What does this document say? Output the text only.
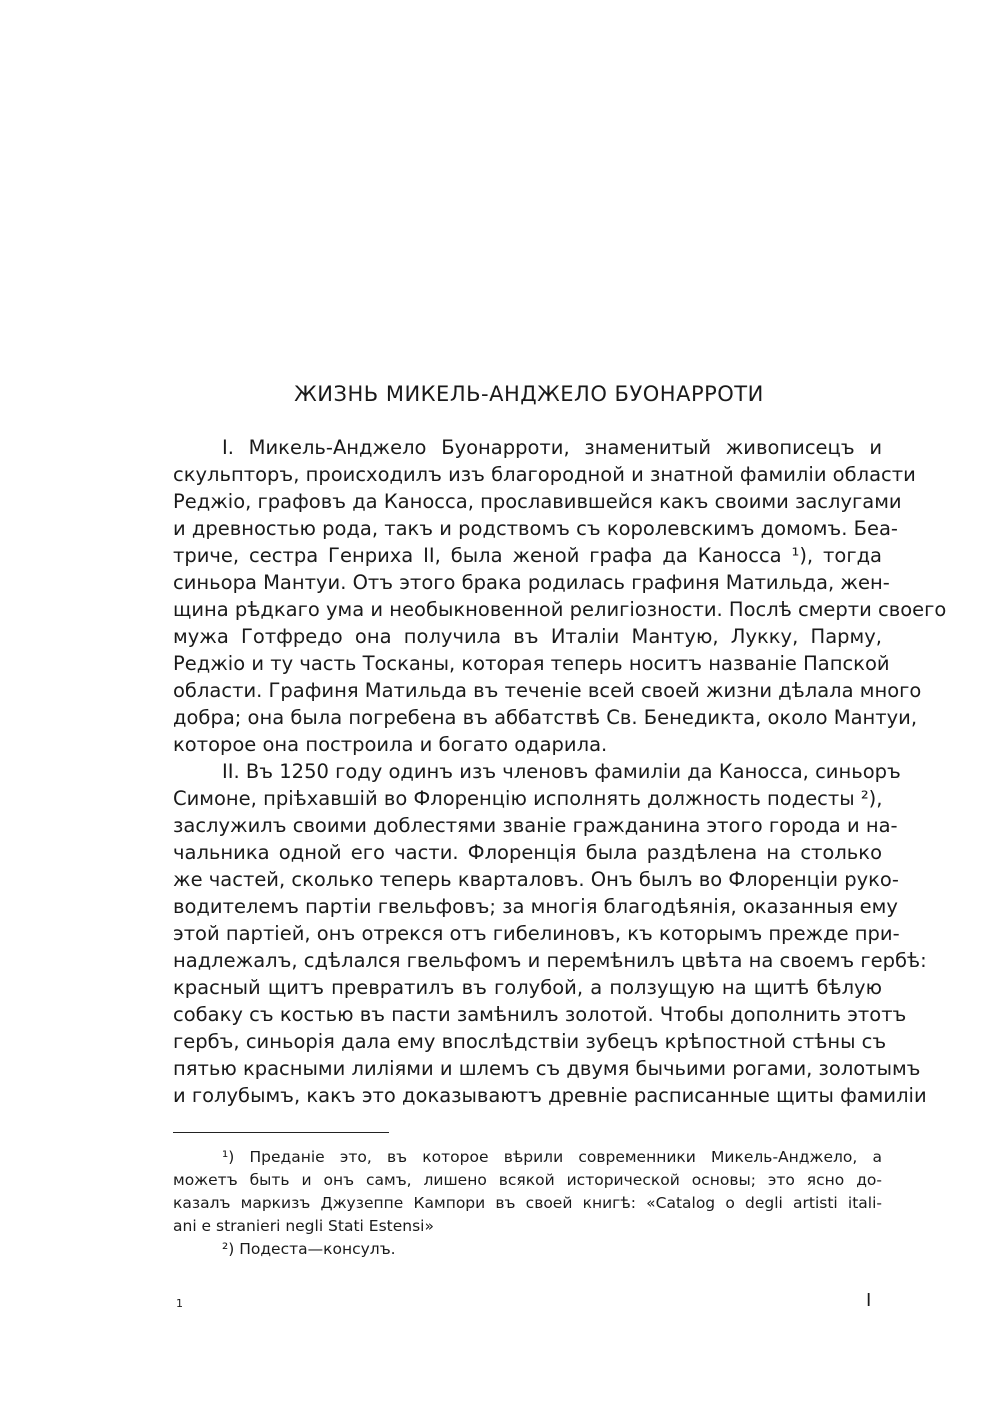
ЖИЗНЬ МИКЕЛЬ-АНДЖЕЛО БУОНАРРОТИ
I. Микель-Анджело Буонарроти, знаменитый живописецъ и
скульпторъ, происходилъ изъ благородной и знатной фамилiи области
Реджiо, графовъ да Каносса, прославившейся какъ своими заслугами
и древностью рода, такъ и родствомъ съ королевскимъ домомъ. Беа-
триче, сестра Генриха II, была женой графа да Каносса ¹), тогда
синьора Мантуи. Отъ этого брака родилась графиня Матильда, жен-
щина рѣдкаго ума и необыкновенной религiозности. Послѣ смерти своего
мужа Готфредо она получила въ Италiи Мантую, Лукку, Парму,
Реджiо и ту часть Тосканы, которая теперь носитъ названiе Папской
области. Графиня Матильда въ теченiе всей своей жизни дѣлала много
добра; она была погребена въ аббатствѣ Св. Бенедикта, около Мантуи,
которое она построила и богато одарила.
II. Въ 1250 году одинъ изъ членовъ фамилiи да Каносса, синьоръ
Симоне, прiѣхавшiй во Флоренцiю исполнять должность подесты ²),
заслужилъ своими доблестями званiе гражданина этого города и на-
чальника одной его части. Флоренцiя была раздѣлена на столько
же частей, сколько теперь кварталовъ. Онъ былъ во Флоренцiи руко-
водителемъ партiи гвельфовъ; за многiя благодѣянiя, оказанныя ему
этой партiей, онъ отрекся отъ гибелиновъ, къ которымъ прежде при-
надлежалъ, сдѣлался гвельфомъ и перемѣнилъ цвѣта на своемъ гербѣ:
красный щитъ превратилъ въ голубой, а ползущую на щитѣ бѣлую
собаку съ костью въ пасти замѣнилъ золотой. Чтобы дополнить этотъ
гербъ, синьорiя дала ему впослѣдствiи зубецъ крѣпостной стѣны съ
пятью красными лилiями и шлемъ съ двумя бычьими рогами, золотымъ
и голубымъ, какъ это доказываютъ древнiе расписанные щиты фамилiи
¹) Преданiе это, въ которое вѣрили современники Микель-Анджело, а
можетъ быть и онъ самъ, лишено всякой исторической основы; это ясно до-
казалъ маркизъ Джузеппе Кампори въ своей книгѣ: «Catalog o degli artisti itali-
ani e stranieri negli Stati Estensi»
²) Подеста—консулъ.
1	I
